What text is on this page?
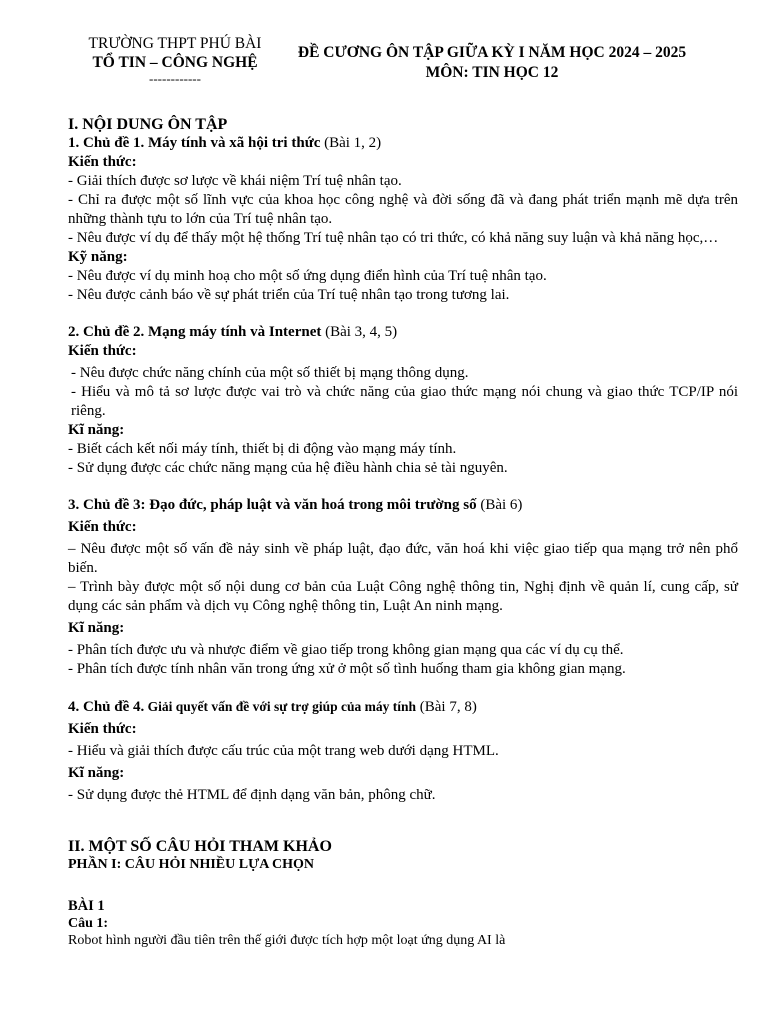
TRƯỜNG THPT PHÚ BÀI
TỔ TIN – CÔNG NGHỆ
------------
ĐỀ CƯƠNG ÔN TẬP GIỮA KỲ I NĂM HỌC 2024 – 2025
MÔN: TIN HỌC 12

I. NỘI DUNG ÔN TẬP

1. Chủ đề 1. Máy tính và xã hội tri thức (Bài 1, 2)

Kiến thức:

- Giải thích được sơ lược về khái niệm Trí tuệ nhân tạo.

- Chỉ ra được một số lĩnh vực của khoa học công nghệ và đời sống đã và đang phát triển mạnh mẽ dựa trên những thành tựu to lớn của Trí tuệ nhân tạo.

- Nêu được ví dụ để thấy một hệ thống Trí tuệ nhân tạo có tri thức, có khả năng suy luận và khả năng học,…

Kỹ năng:

- Nêu được ví dụ minh hoạ cho một số ứng dụng điển hình của Trí tuệ nhân tạo.

- Nêu được cảnh báo về sự phát triển của Trí tuệ nhân tạo trong tương lai.

2. Chủ đề 2. Mạng máy tính và Internet (Bài 3, 4, 5)

Kiến thức:

- Nêu được chức năng chính của một số thiết bị mạng thông dụng.

- Hiểu và mô tả sơ lược được vai trò và chức năng của giao thức mạng nói chung và giao thức TCP/IP nói riêng.

Kĩ năng:

- Biết cách kết nối máy tính, thiết bị di động vào mạng máy tính.

- Sử dụng được các chức năng mạng của hệ điều hành chia sẻ tài nguyên.

3. Chủ đề 3: Đạo đức, pháp luật và văn hoá trong môi trường số (Bài 6)

Kiến thức:

– Nêu được một số vấn đề nảy sinh về pháp luật, đạo đức, văn hoá khi việc giao tiếp qua mạng trở nên phổ biến.

– Trình bày được một số nội dung cơ bản của Luật Công nghệ thông tin, Nghị định về quản lí, cung cấp, sử dụng các sản phẩm và dịch vụ Công nghệ thông tin, Luật An ninh mạng.

Kĩ năng:

- Phân tích được ưu và nhược điểm về giao tiếp trong không gian mạng qua các ví dụ cụ thể.

- Phân tích được tính nhân văn trong ứng xử ở một số tình huống tham gia không gian mạng.

4. Chủ đề 4. Giải quyết vấn đề với sự trợ giúp của máy tính (Bài 7, 8)

Kiến thức:

- Hiểu và giải thích được cấu trúc của một trang web dưới dạng HTML.

Kĩ năng:

- Sử dụng được thẻ HTML để định dạng văn bản, phông chữ.

II. MỘT SỐ CÂU HỎI THAM KHẢO

PHẦN I: CÂU HỎI NHIỀU LỰA CHỌN

BÀI 1

Câu 1:

Robot hình người đầu tiên trên thế giới được tích hợp một loạt ứng dụng AI là
